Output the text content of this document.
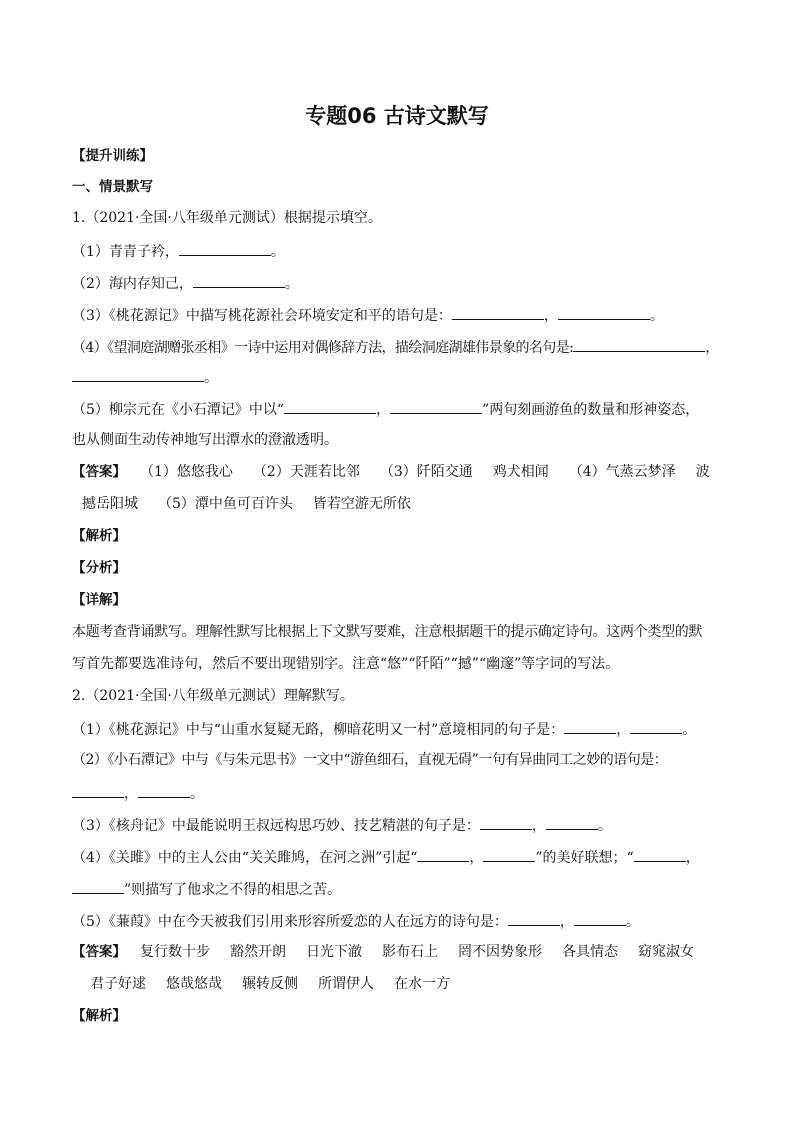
专题06 古诗文默写
【提升训练】
一、情景默写
1.（2021·全国·八年级单元测试）根据提示填空。
（1）青青子衿，	。
（2）海内存知己，	。
（3）《桃花源记》中描写桃花源社会环境安定和平的语句是：	，	。
（4）《望洞庭湖赠张丞相》一诗中运用对偶修辞方法，描绘洞庭湖雄伟景象的名句是:	，
。
（5）柳宗元在《小石潭记》中以“	，	”两句刻画游鱼的数量和形神姿态，
也从侧面生动传神地写出潭水的澄澈透明。
【答案】 （1）悠悠我心 （2）天涯若比邻 （3）阡陌交通 鸡犬相闻 （4）气蒸云梦泽 波
撼岳阳城 （5）潭中鱼可百许头 皆若空游无所依
【解析】
【分析】
【详解】
本题考查背诵默写。理解性默写比根据上下文默写要难，注意根据题干的提示确定诗句。这两个类型的默
写首先都要选准诗句，然后不要出现错别字。注意“悠”“阡陌”“撼”“幽邃”等字词的写法。
2.（2021·全国·八年级单元测试）理解默写。
（1）《桃花源记》中与“山重水复疑无路，柳暗花明又一村”意境相同的句子是：	，	。
（2）《小石潭记》中与《与朱元思书》一文中“游鱼细石，直视无碍”一句有异曲同工之妙的语句是：
，	。
（3）《核舟记》中最能说明王叔远构思巧妙、技艺精湛的句子是：	，	。
（4）《关雎》中的主人公由“关关雎鸠，在河之洲”引起“	，	”的美好联想；“	，
”则描写了他求之不得的相思之苦。
（5）《蒹葭》中在今天被我们引用来形容所爱恋的人在远方的诗句是：	，	。
【答案】 复行数十步 豁然开朗 日光下澈 影布石上 罔不因势象形 各具情态 窈窕淑女
君子好逑 悠哉悠哉 辗转反侧 所谓伊人 在水一方
【解析】
